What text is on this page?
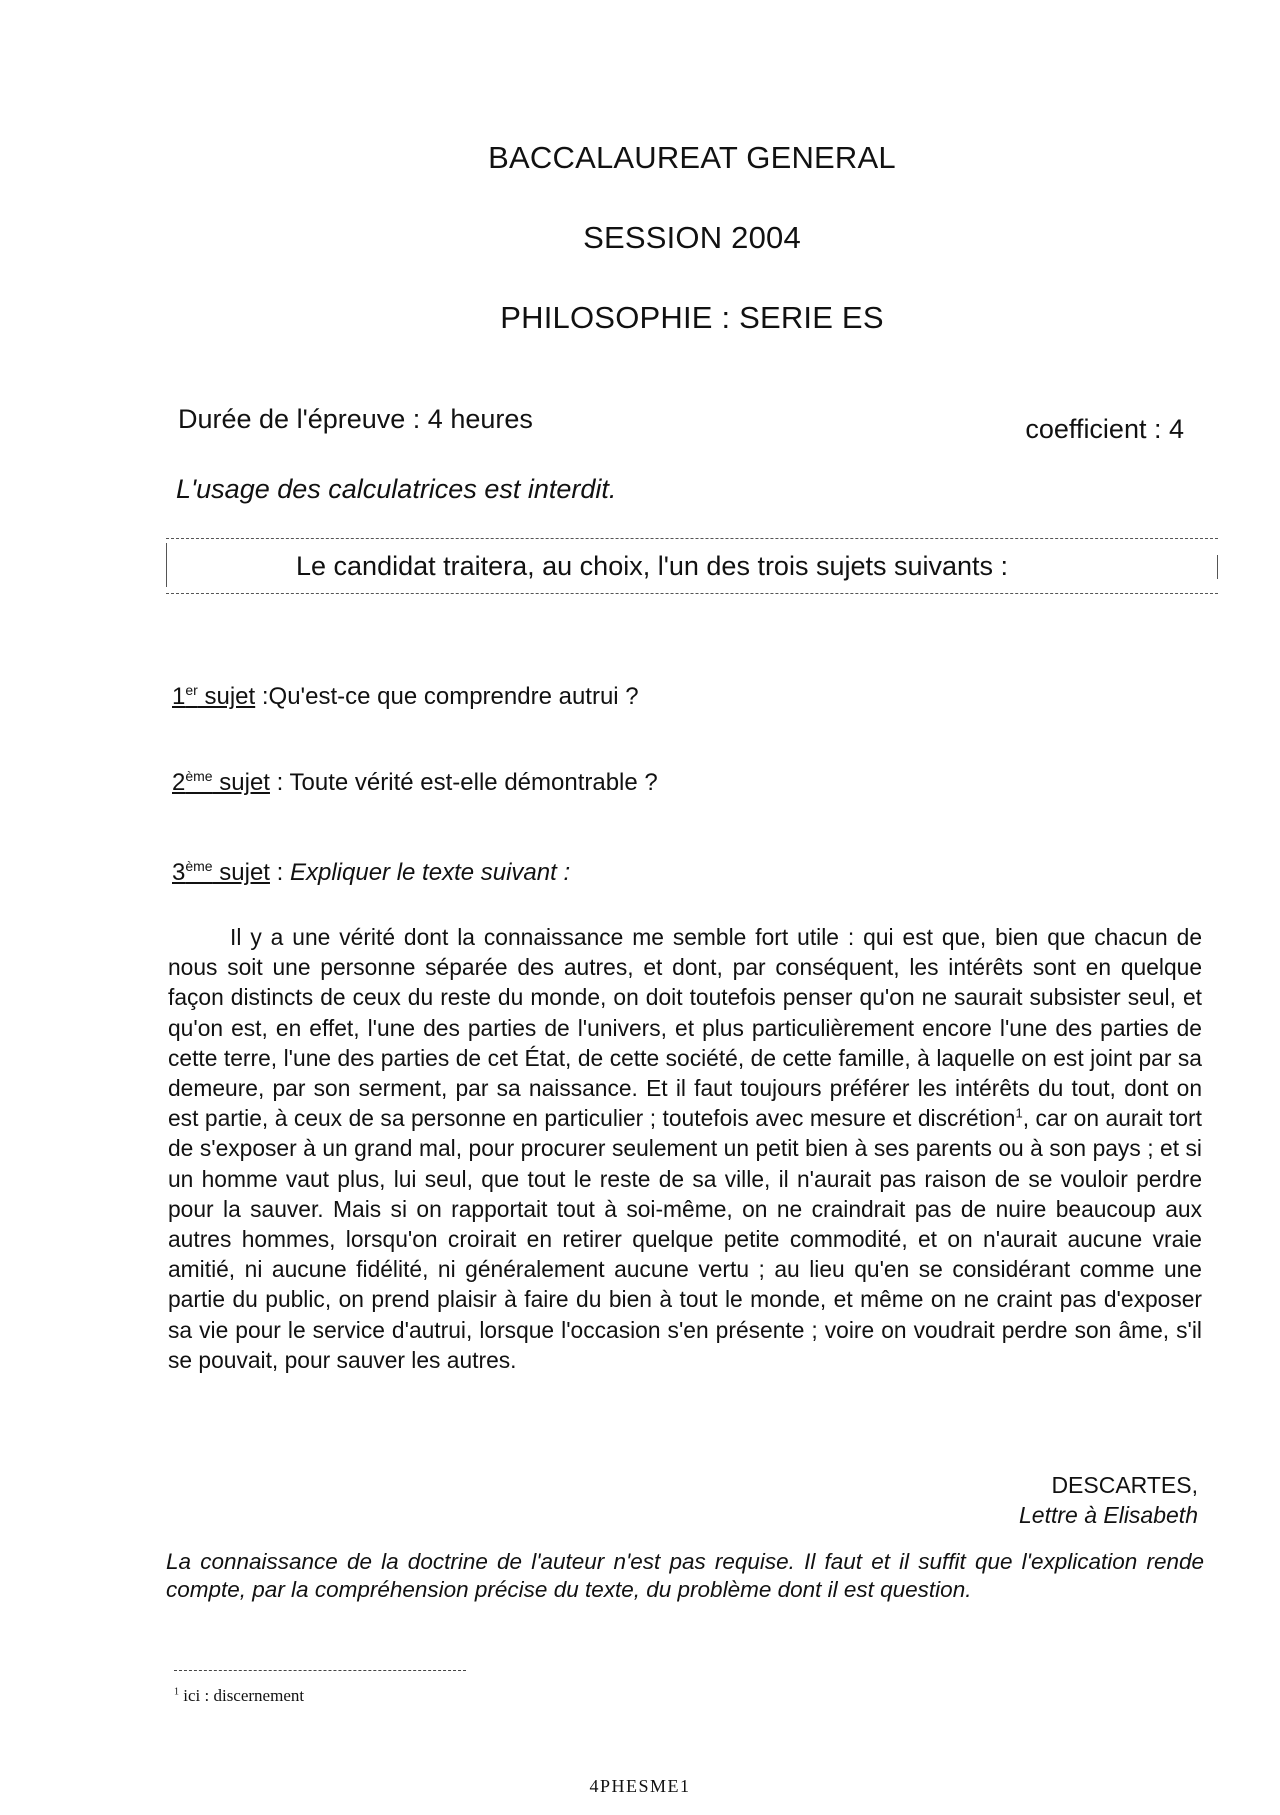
BACCALAUREAT GENERAL
SESSION 2004
PHILOSOPHIE : SERIE ES
Durée de l'épreuve : 4 heures	coefficient : 4
L'usage des calculatrices est interdit.
Le candidat traitera, au choix, l'un des trois sujets suivants :
1er sujet :Qu'est-ce que comprendre autrui ?
2ème sujet : Toute vérité est-elle démontrable ?
3ème sujet : Expliquer le texte suivant :
Il y a une vérité dont la connaissance me semble fort utile : qui est que, bien que chacun de nous soit une personne séparée des autres, et dont, par conséquent, les intérêts sont en quelque façon distincts de ceux du reste du monde, on doit toutefois penser qu'on ne saurait subsister seul, et qu'on est, en effet, l'une des parties de l'univers, et plus particulièrement encore l'une des parties de cette terre, l'une des parties de cet État, de cette société, de cette famille, à laquelle on est joint par sa demeure, par son serment, par sa naissance. Et il faut toujours préférer les intérêts du tout, dont on est partie, à ceux de sa personne en particulier ; toutefois avec mesure et discrétion$^1$, car on aurait tort de s'exposer à un grand mal, pour procurer seulement un petit bien à ses parents ou à son pays ; et si un homme vaut plus, lui seul, que tout le reste de sa ville, il n'aurait pas raison de se vouloir perdre pour la sauver. Mais si on rapportait tout à soi-même, on ne craindrait pas de nuire beaucoup aux autres hommes, lorsqu'on croirait en retirer quelque petite commodité, et on n'aurait aucune vraie amitié, ni aucune fidélité, ni généralement aucune vertu ; au lieu qu'en se considérant comme une partie du public, on prend plaisir à faire du bien à tout le monde, et même on ne craint pas d'exposer sa vie pour le service d'autrui, lorsque l'occasion s'en présente ; voire on voudrait perdre son âme, s'il se pouvait, pour sauver les autres.
DESCARTES,
Lettre à Elisabeth
La connaissance de la doctrine de l'auteur n'est pas requise. Il faut et il suffit que l'explication rende compte, par la compréhension précise du texte, du problème dont il est question.
$^1$ ici : discernement
4PHESME1
